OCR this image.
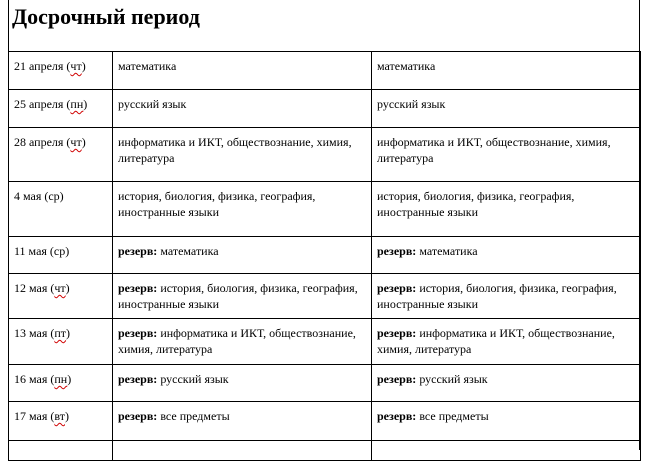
Досрочный период
21 апреля (чт)	математика	математика
25 апреля (пн)	русский язык	русский язык
28 апреля (чт)	информатика и ИКТ, обществознание, химия, литература	информатика и ИКТ, обществознание, химия, литература
4 мая (ср)	история, биология, физика, география, иностранные языки	история, биология, физика, география, иностранные языки
11 мая (ср)	резерв: математика	резерв: математика
12 мая (чт)	резерв: история, биология, физика, география, иностранные языки	резерв: история, биология, физика, география, иностранные языки
13 мая (пт)	резерв: информатика и ИКТ, обществознание, химия, литература	резерв: информатика и ИКТ, обществознание, химия, литература
16 мая (пн)	резерв: русский язык	резерв: русский язык
17 мая (вт)	резерв: все предметы	резерв: все предметы
